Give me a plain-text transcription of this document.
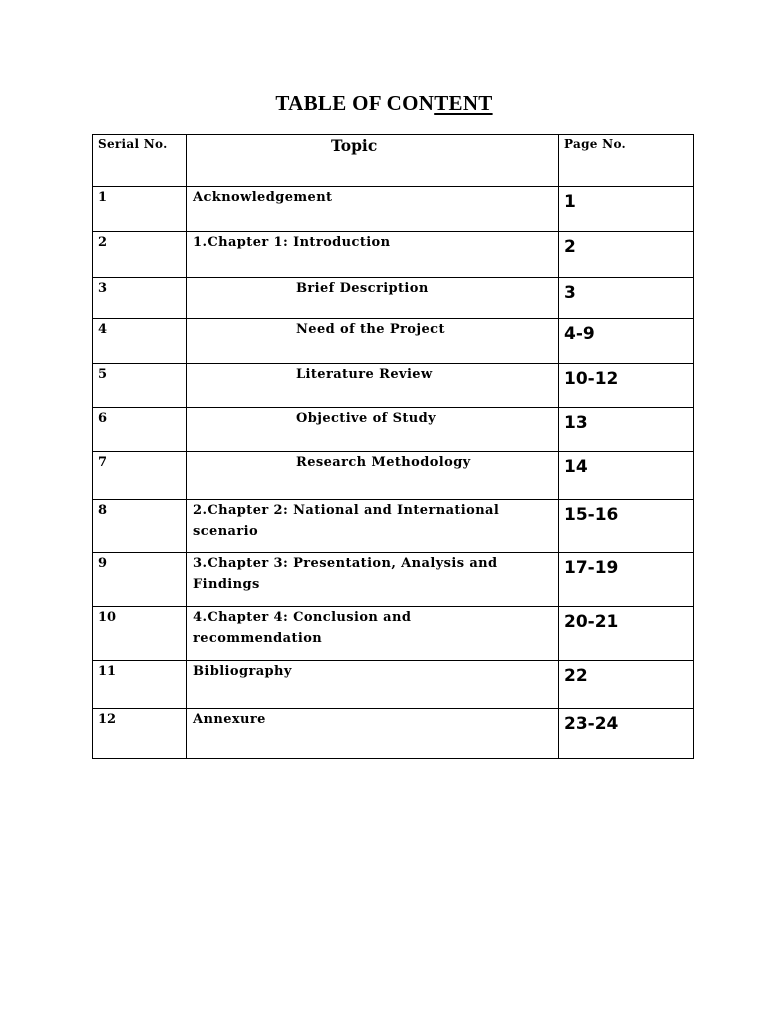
TABLE OF CONTENT
Serial No.	Topic	Page No.

1	Acknowledgement	1

2	1.Chapter 1: Introduction	2

3	Brief Description	3

4	Need of the Project	4-9

5	Literature Review	10-12

6	Objective of Study	13

7	Research Methodology	14

8	2.Chapter 2: National and International scenario	15-16

9	3.Chapter 3: Presentation, Analysis and Findings	17-19

10	4.Chapter 4: Conclusion and recommendation	20-21

11	Bibliography	22

12	Annexure	23-24
